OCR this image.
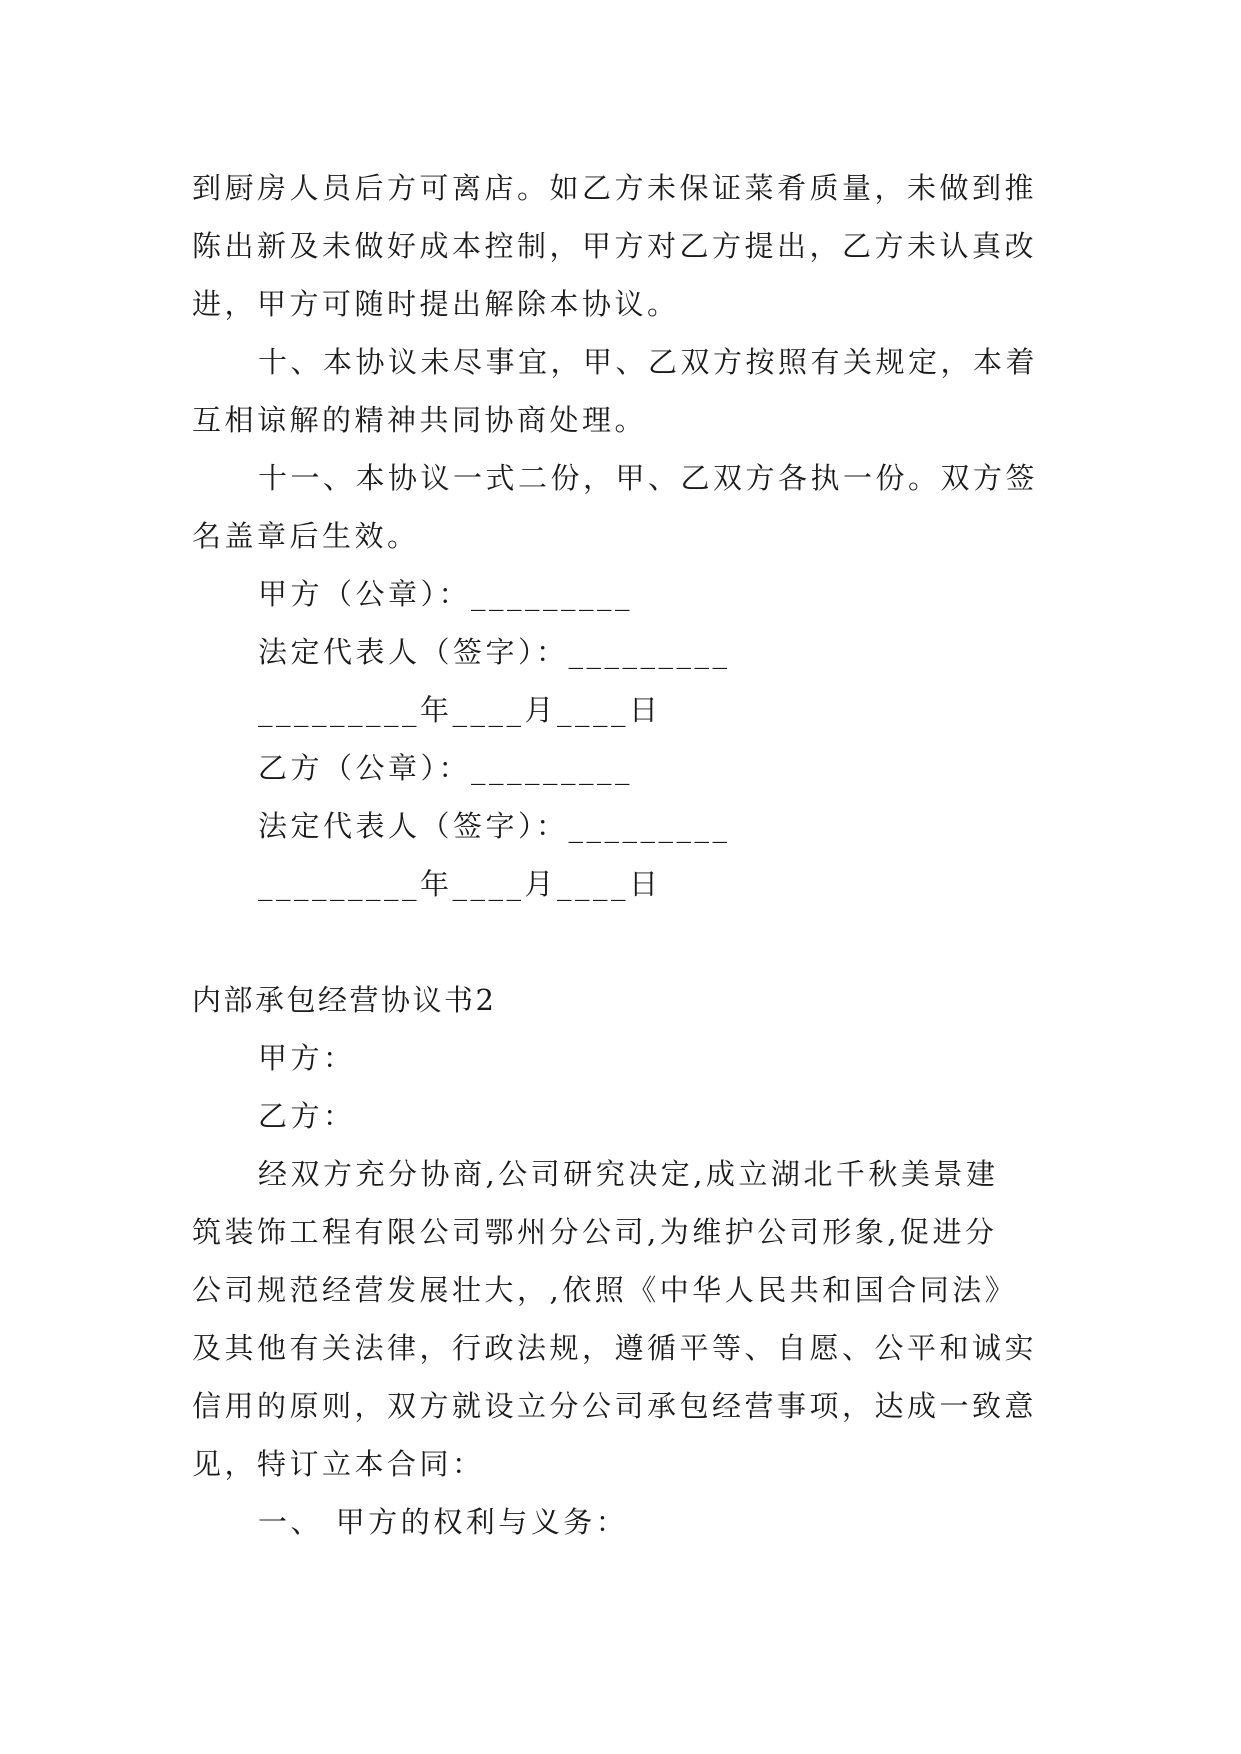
到厨房人员后方可离店。如乙方未保证菜肴质量，未做到推
陈出新及未做好成本控制，甲方对乙方提出，乙方未认真改
进，甲方可随时提出解除本协议。
十、本协议未尽事宜，甲、乙双方按照有关规定，本着
互相谅解的精神共同协商处理。
十一、本协议一式二份，甲、乙双方各执一份。双方签
名盖章后生效。
甲方（公章）：_________
法定代表人（签字）：_________
_________年____月____日
乙方（公章）：_________
法定代表人（签字）：_________
_________年____月____日
内部承包经营协议书2
甲方：
乙方：
经双方充分协商,公司研究决定,成立湖北千秋美景建
筑装饰工程有限公司鄂州分公司,为维护公司形象,促进分
公司规范经营发展壮大，,依照《中华人民共和国合同法》
及其他有关法律，行政法规，遵循平等、自愿、公平和诚实
信用的原则，双方就设立分公司承包经营事项，达成一致意
见，特订立本合同：
一、 甲方的权利与义务：
